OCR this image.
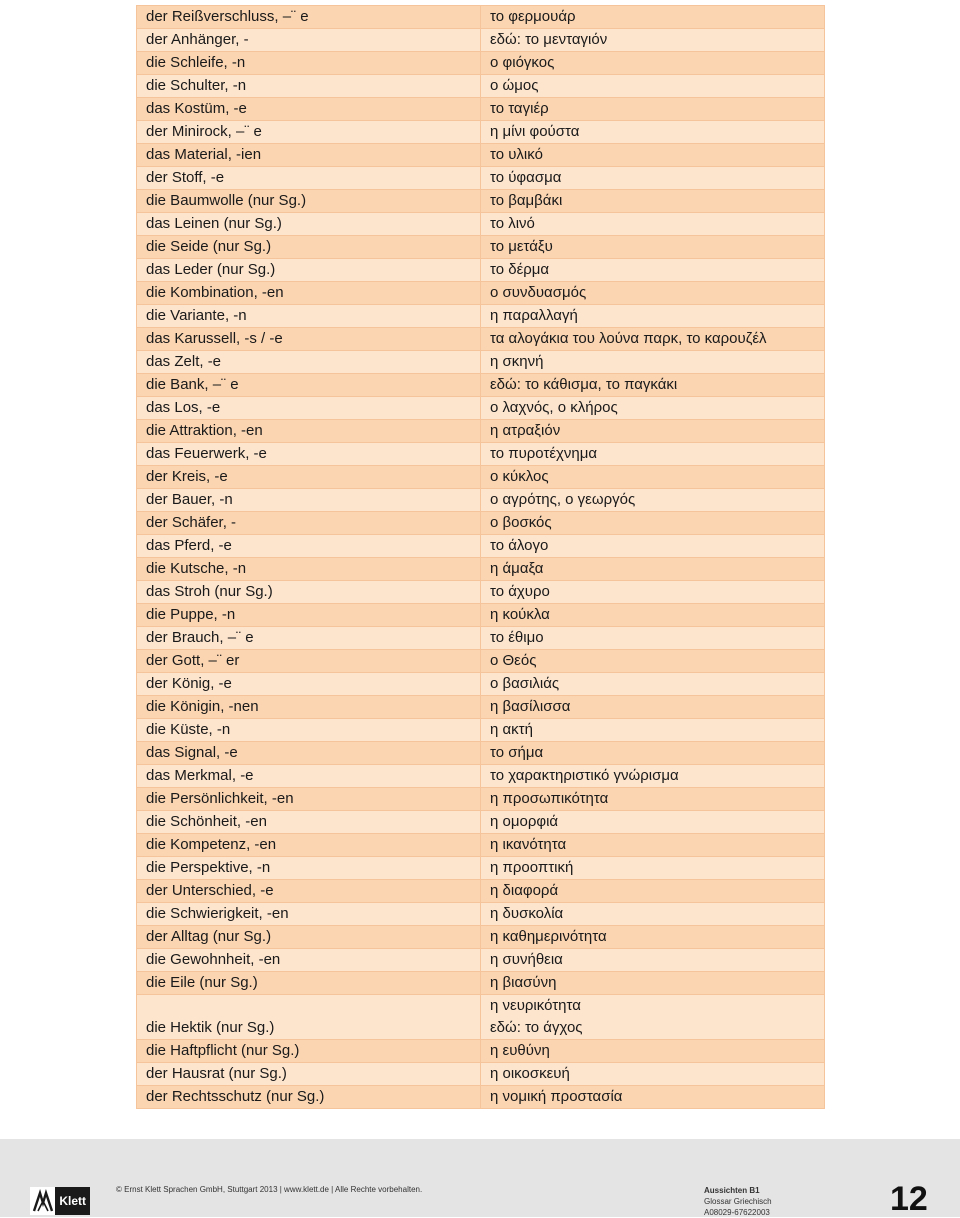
der Reißverschluss, –¨ e	το φερμουάρ
der Anhänger, -	εδώ: το μενταγιόν
die Schleife, -n	ο φιόγκος
die Schulter, -n	ο ώμος
das Kostüm, -e	το ταγιέρ
der Minirock, –¨ e	η μίνι φούστα
das Material, -ien	το υλικό
der Stoff, -e	το ύφασμα
die Baumwolle (nur Sg.)	το βαμβάκι
das Leinen (nur Sg.)	το λινό
die Seide (nur Sg.)	το μετάξυ
das Leder (nur Sg.)	το δέρμα
die Kombination, -en	ο συνδυασμός
die Variante, -n	η παραλλαγή
das Karussell, -s / -e	τα αλογάκια του λούνα παρκ, το καρουζέλ
das Zelt, -e	η σκηνή
die Bank, –¨ e	εδώ: το κάθισμα, το παγκάκι
das Los, -e	ο λαχνός, ο κλήρος
die Attraktion, -en	η ατραξιόν
das Feuerwerk, -e	το πυροτέχνημα
der Kreis, -e	ο κύκλος
der Bauer, -n	ο αγρότης, ο γεωργός
der Schäfer, -	ο βοσκός
das Pferd, -e	το άλογο
die Kutsche, -n	η άμαξα
das Stroh (nur Sg.)	το άχυρο
die Puppe, -n	η κούκλα
der Brauch, –¨ e	το έθιμο
der Gott, –¨ er	ο Θεός
der König, -e	ο βασιλιάς
die Königin, -nen	η βασίλισσα
die Küste, -n	η ακτή
das Signal, -e	το σήμα
das Merkmal, -e	το χαρακτηριστικό γνώρισμα
die Persönlichkeit, -en	η προσωπικότητα
die Schönheit, -en	η ομορφιά
die Kompetenz, -en	η ικανότητα
die Perspektive, -n	η προοπτική
der Unterschied, -e	η διαφορά
die Schwierigkeit, -en	η δυσκολία
der Alltag (nur Sg.)	η καθημερινότητα
die Gewohnheit, -en	η συνήθεια
die Eile (nur Sg.)	η βιασύνη
die Hektik (nur Sg.)	η νευρικότητα
εδώ: το άγχος

die Haftpflicht (nur Sg.)	η ευθύνη
der Hausrat (nur Sg.)	η οικοσκευή
der Rechtsschutz (nur Sg.)	η νομική προστασία
Klett
© Ernst Klett Sprachen GmbH, Stuttgart 2013 | www.klett.de | Alle Rechte vorbehalten.	Aussichten B1
Glossar Griechisch
A08029-67622003	12
